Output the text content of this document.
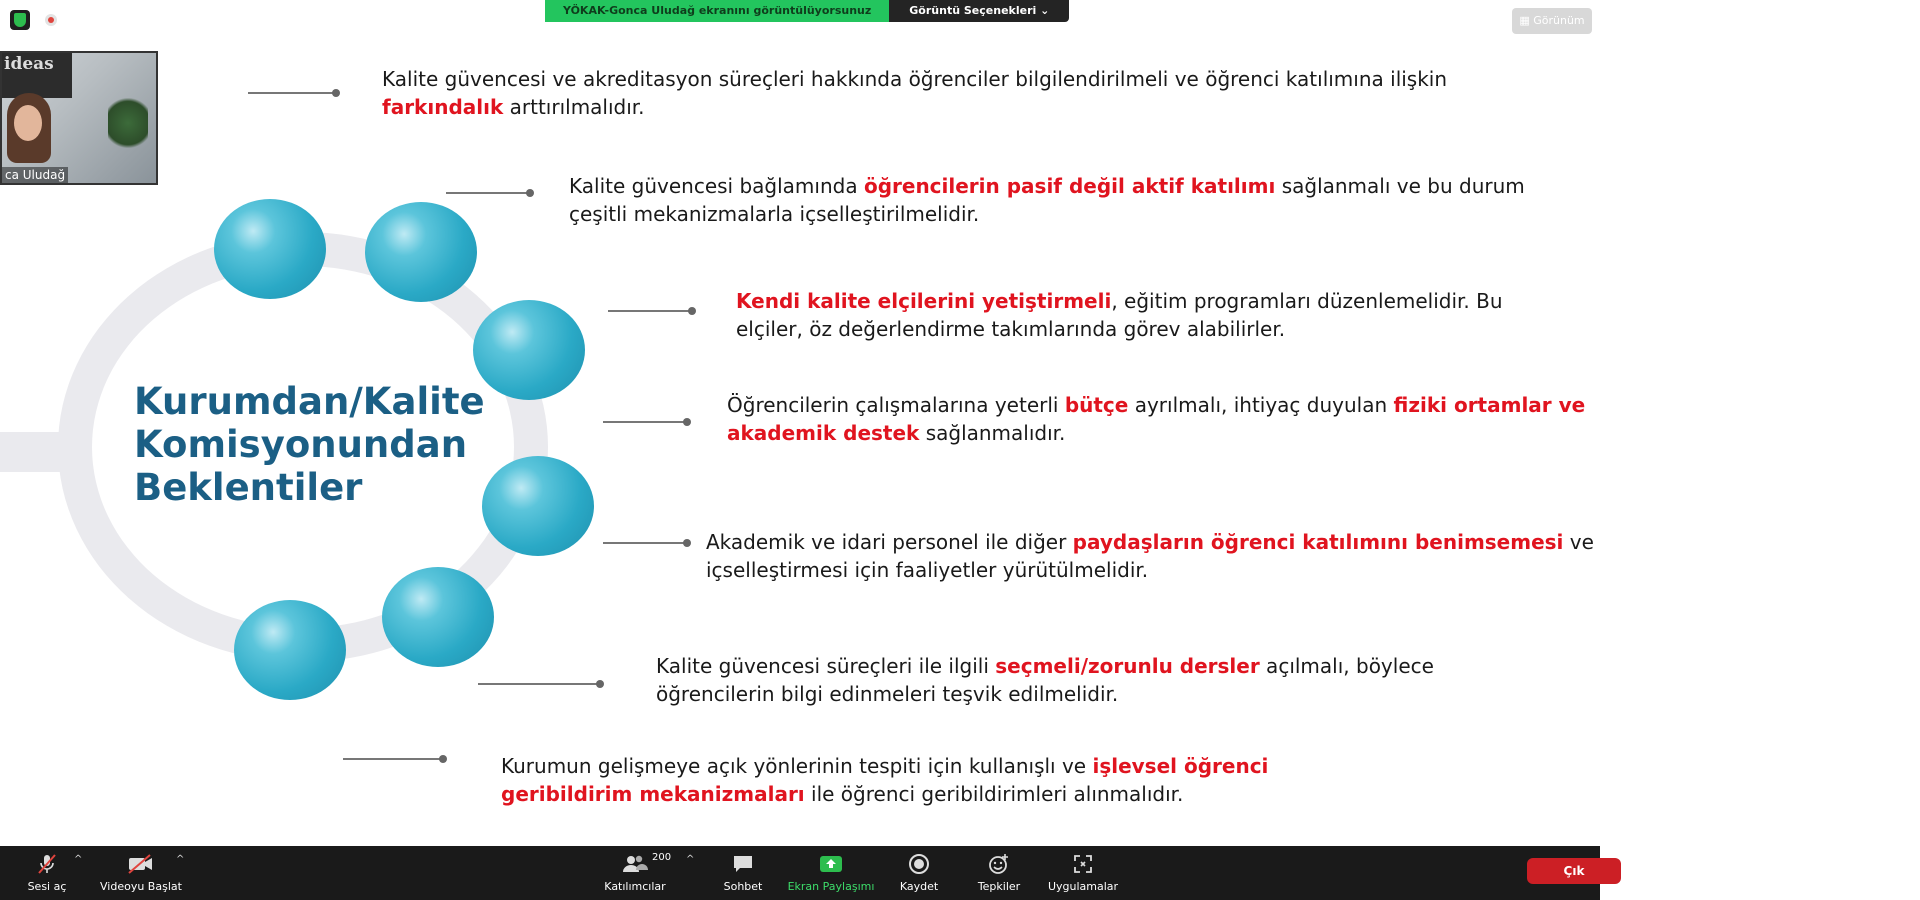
YÖKAK-Gonca Uludağ ekranını görüntülüyorsunuz	Görüntü Seçenekleri ⌄
▦ Görünüm
ideas
ca Uludağ
Kurumdan/Kalite Komisyonundan Beklentiler
Kalite güvencesi ve akreditasyon süreçleri hakkında öğrenciler bilgilendirilmeli ve öğrenci katılımına ilişkin farkındalık arttırılmalıdır.
Kalite güvencesi bağlamında öğrencilerin pasif değil aktif katılımı sağlanmalı ve bu durum çeşitli mekanizmalarla içselleştirilmelidir.
Kendi kalite elçilerini yetiştirmeli, eğitim programları düzenlemelidir. Bu elçiler, öz değerlendirme takımlarında görev alabilirler.
Öğrencilerin çalışmalarına yeterli bütçe ayrılmalı, ihtiyaç duyulan fiziki ortamlar ve akademik destek sağlanmalıdır.
Akademik ve idari personel ile diğer paydaşların öğrenci katılımını benimsemesi ve içselleştirmesi için faaliyetler yürütülmelidir.
Kalite güvencesi süreçleri ile ilgili seçmeli/zorunlu dersler açılmalı, böylece öğrencilerin bilgi edinmeleri teşvik edilmelidir.
Kurumun gelişmeye açık yönlerinin tespiti için kullanışlı ve işlevsel öğrenci geribildirim mekanizmaları ile öğrenci geribildirimleri alınmalıdır.
Sesi aç
^
Videoyu Başlat
^	200
Katılımcılar
^
Sohbet	Ekran Paylaşımı	Kaydet	Tepkiler	Uygulamalar
Çık
